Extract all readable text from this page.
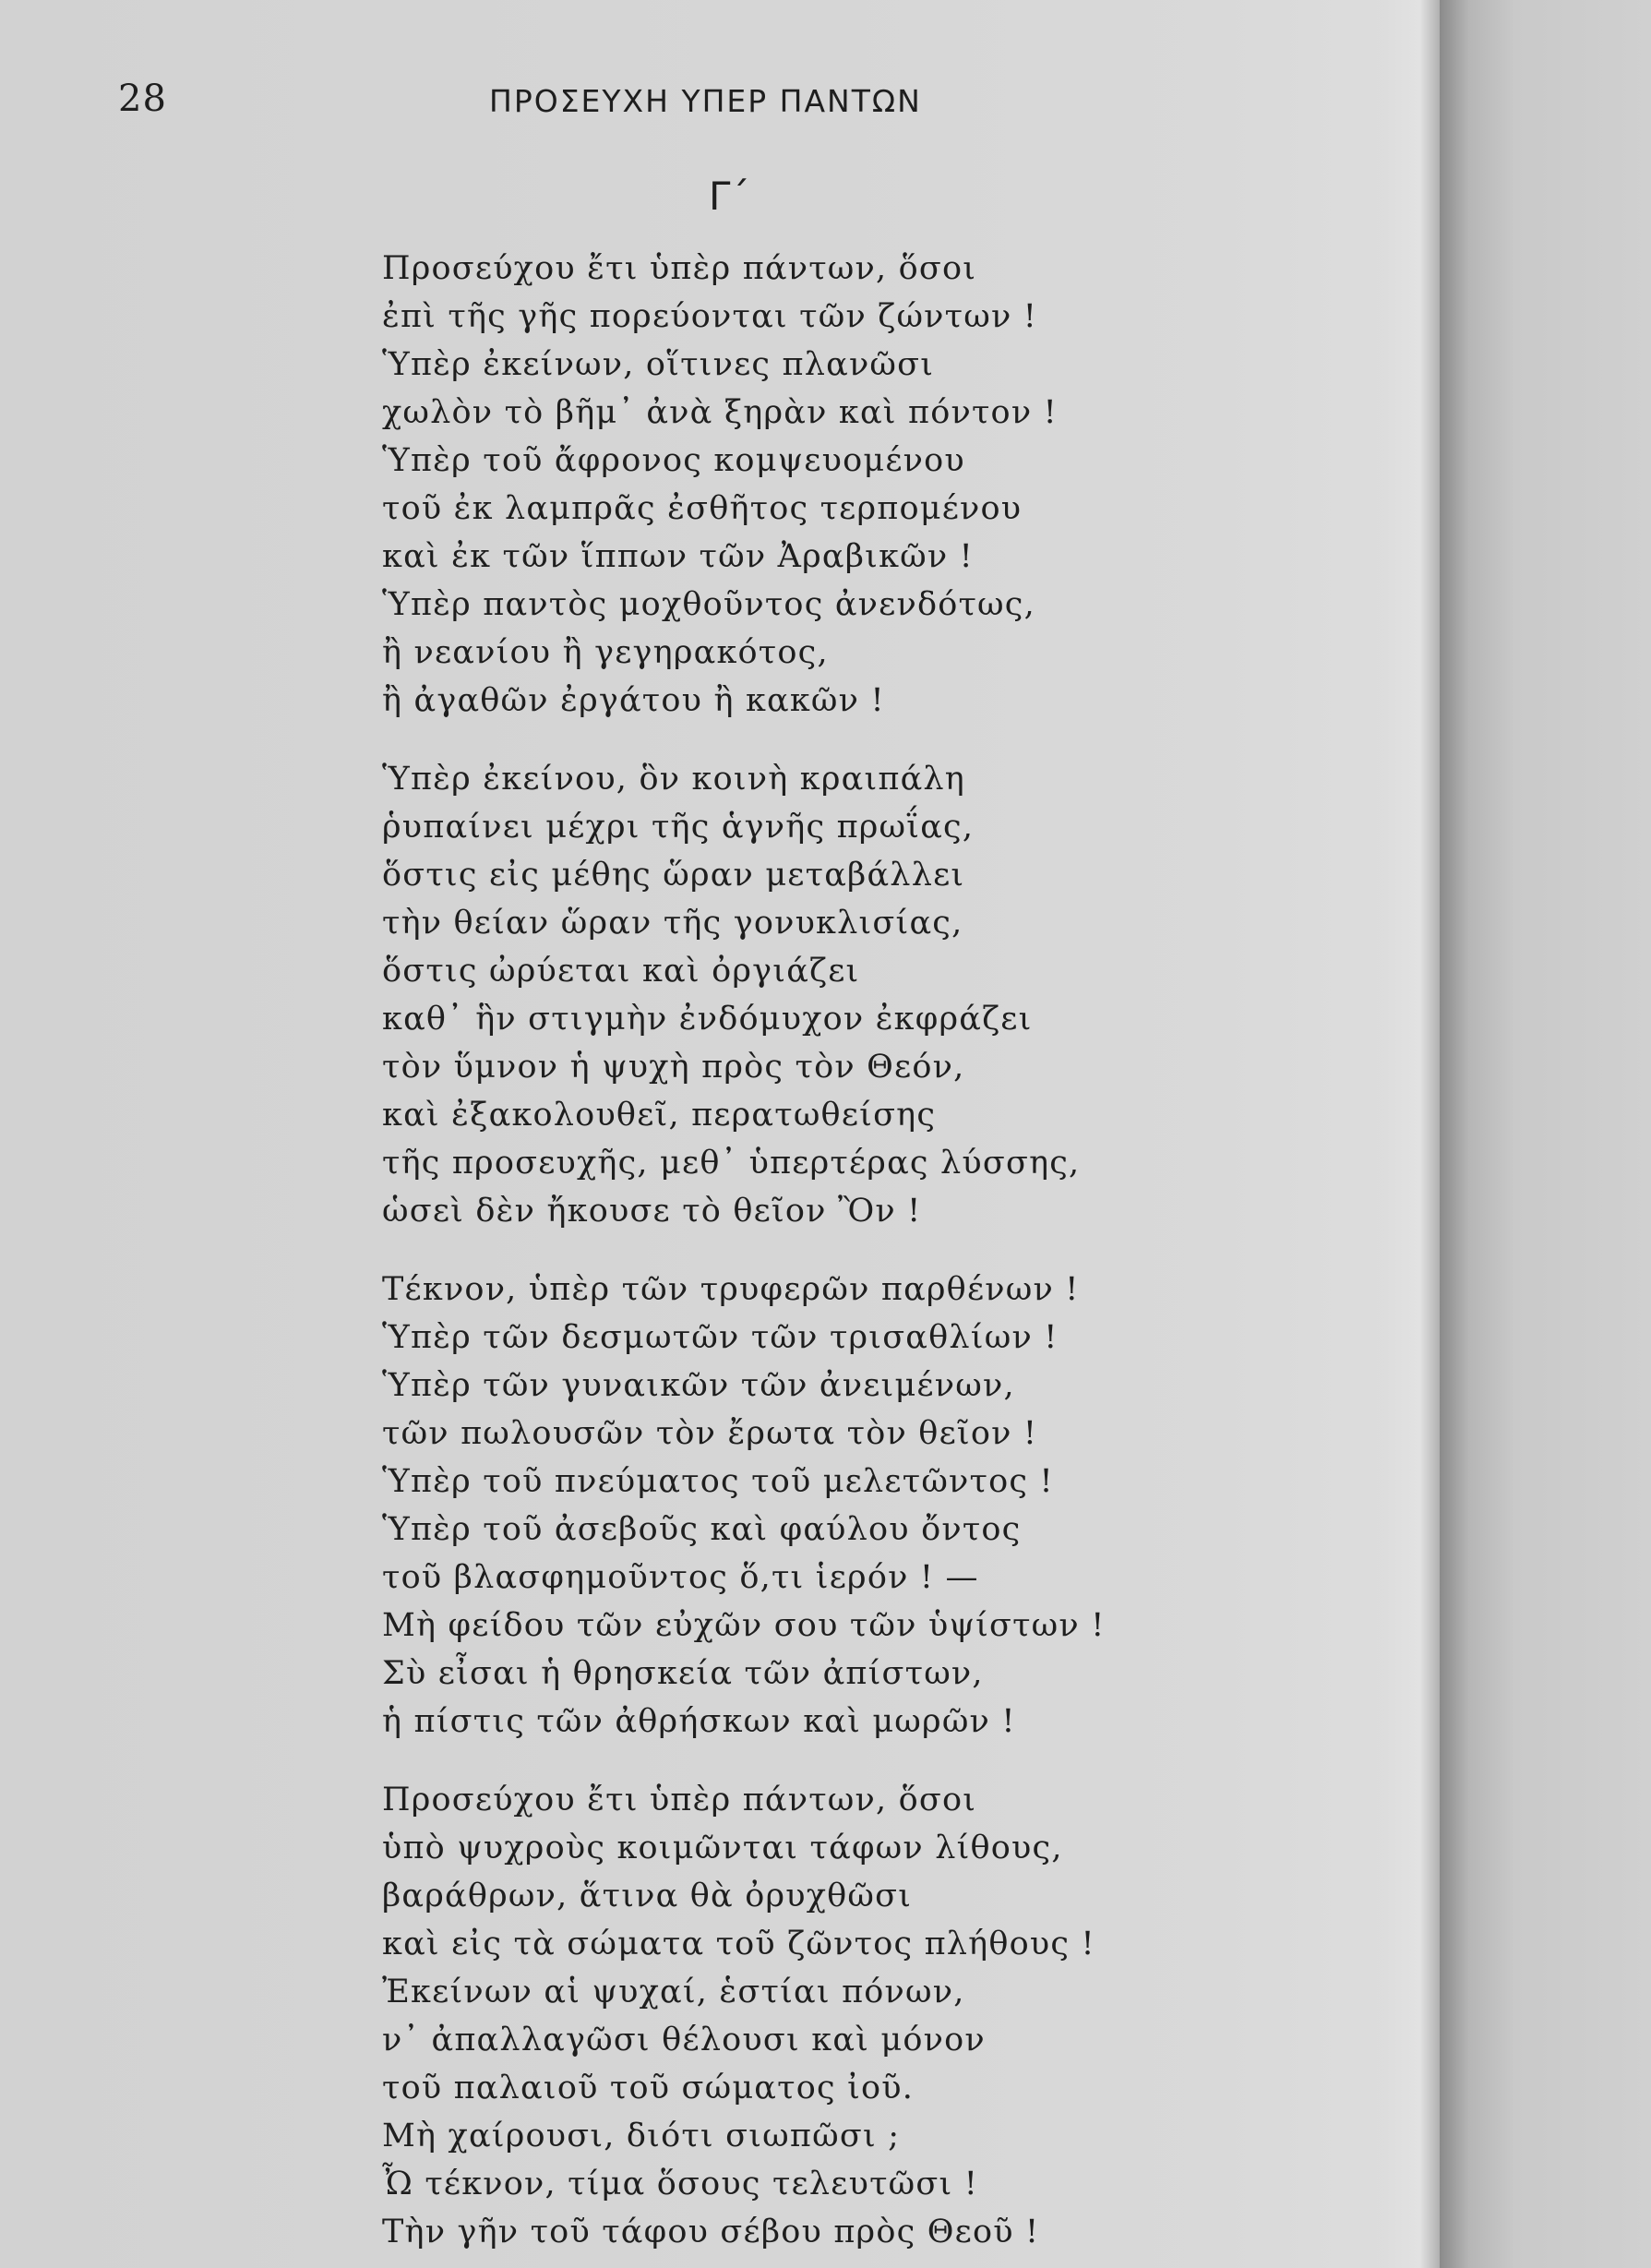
28	ΠΡΟΣΕΥΧΗ ΥΠΕΡ ΠΑΝΤΩΝ
Γ΄
Προσεύχου ἔτι ὑπὲρ πάντων, ὅσοι
ἐπὶ τῆς γῆς πορεύονται τῶν ζώντων !
Ὑπὲρ ἐκείνων, οἵτινες πλανῶσι
χωλὸν τὸ βῆμ᾽ ἀνὰ ξηρὰν καὶ πόντον !
Ὑπὲρ τοῦ ἄφρονος κομψευομένου
τοῦ ἐκ λαμπρᾶς ἐσθῆτος τερπομένου
καὶ ἐκ τῶν ἵππων τῶν Ἀραβικῶν !
Ὑπὲρ παντὸς μοχθοῦντος ἀνενδότως,
ἢ νεανίου ἢ γεγηρακότος,
ἢ ἀγαθῶν ἐργάτου ἢ κακῶν !
Ὑπὲρ ἐκείνου, ὃν κοινὴ κραιπάλη
ῥυπαίνει μέχρι τῆς ἁγνῆς πρωΐας,
ὅστις εἰς μέθης ὥραν μεταβάλλει
τὴν θείαν ὥραν τῆς γονυκλισίας,
ὅστις ὠρύεται καὶ ὀργιάζει
καθ᾽ ἣν στιγμὴν ἐνδόμυχον ἐκφράζει
τὸν ὕμνον ἡ ψυχὴ πρὸς τὸν Θεόν,
καὶ ἐξακολουθεῖ, περατωθείσης
τῆς προσευχῆς, μεθ᾽ ὑπερτέρας λύσσης,
ὡσεὶ δὲν ἤκουσε τὸ θεῖον Ὂν !
Τέκνον, ὑπὲρ τῶν τρυφερῶν παρθένων !
Ὑπὲρ τῶν δεσμωτῶν τῶν τρισαθλίων !
Ὑπὲρ τῶν γυναικῶν τῶν ἀνειμένων,
τῶν πωλουσῶν τὸν ἔρωτα τὸν θεῖον !
Ὑπὲρ τοῦ πνεύματος τοῦ μελετῶντος !
Ὑπὲρ τοῦ ἀσεβοῦς καὶ φαύλου ὄντος
τοῦ βλασφημοῦντος ὅ,τι ἱερόν ! —
Μὴ φείδου τῶν εὐχῶν σου τῶν ὑψίστων !
Σὺ εἶσαι ἡ θρησκεία τῶν ἀπίστων,
ἡ πίστις τῶν ἀθρήσκων καὶ μωρῶν !
Προσεύχου ἔτι ὑπὲρ πάντων, ὅσοι
ὑπὸ ψυχροὺς κοιμῶνται τάφων λίθους,
βαράθρων, ἅτινα θὰ ὀρυχθῶσι
καὶ εἰς τὰ σώματα τοῦ ζῶντος πλήθους !
Ἐκείνων αἱ ψυχαί, ἑστίαι πόνων,
ν᾽ ἀπαλλαγῶσι θέλουσι καὶ μόνον
τοῦ παλαιοῦ τοῦ σώματος ἰοῦ.
Μὴ χαίρουσι, διότι σιωπῶσι ;
Ὦ τέκνον, τίμα ὅσους τελευτῶσι !
Τὴν γῆν τοῦ τάφου σέβου πρὸς Θεοῦ !
